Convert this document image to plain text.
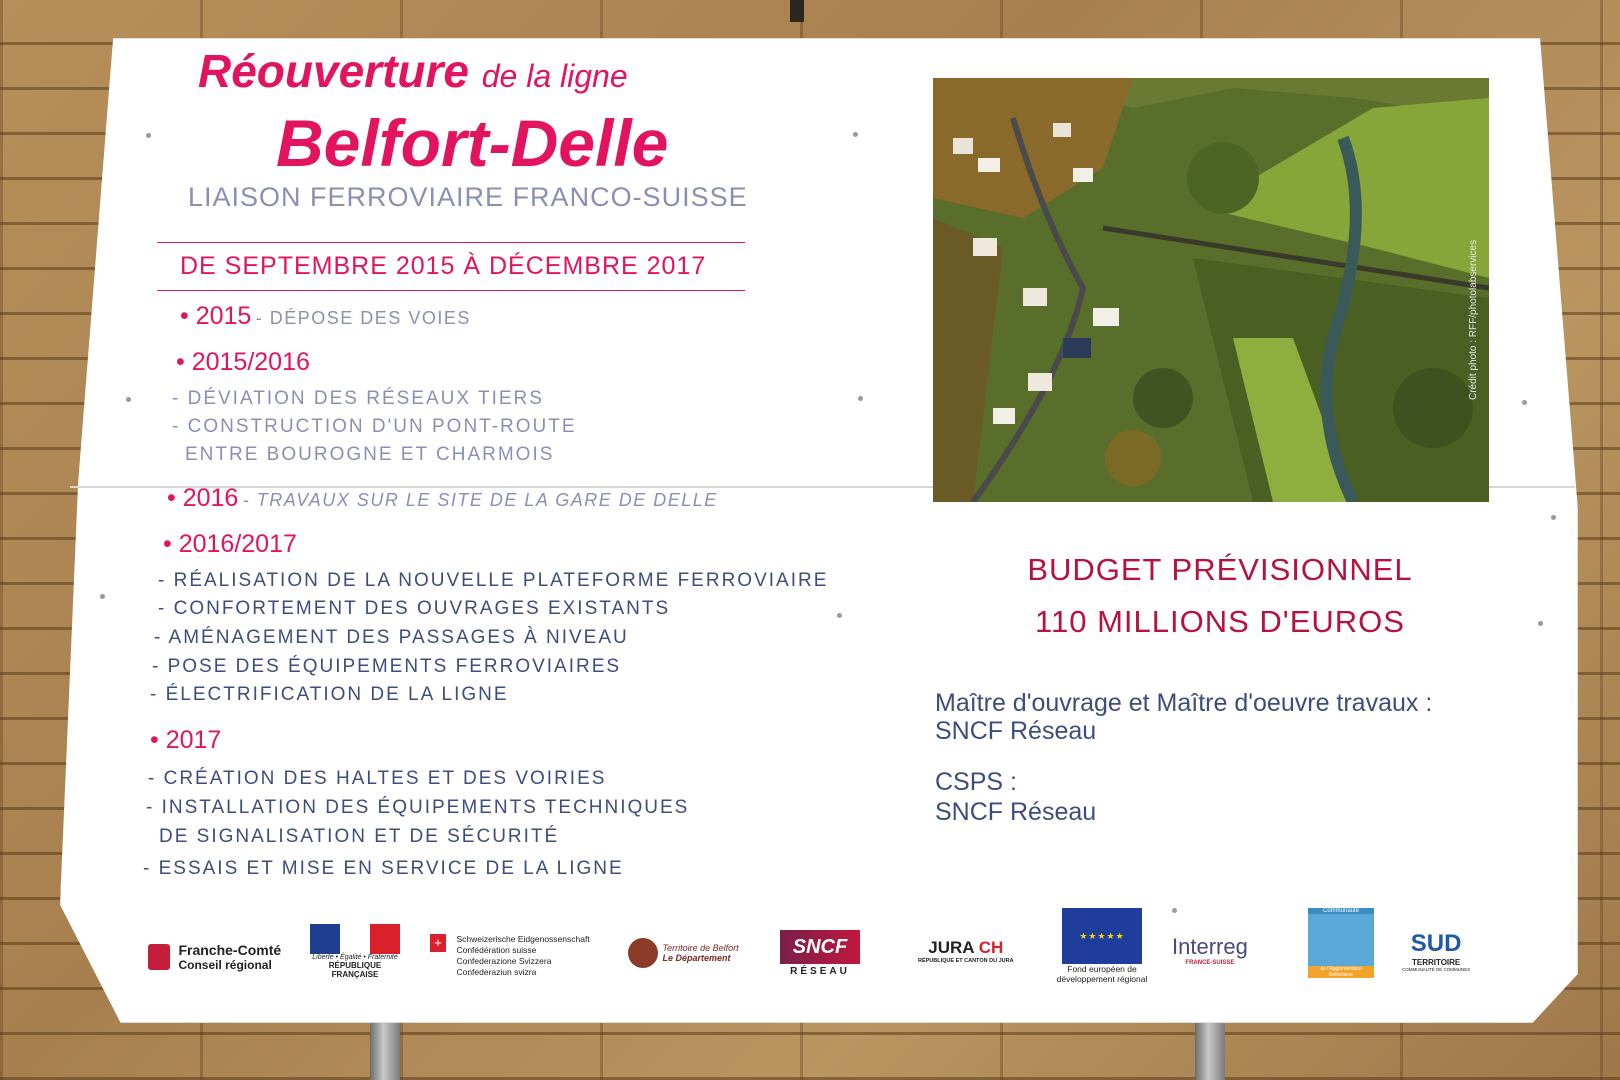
Réouverture de la ligne
Belfort-Delle
LIAISON FERROVIAIRE FRANCO-SUISSE
DE SEPTEMBRE 2015 À DÉCEMBRE 2017
• 2015 - DÉPOSE DES VOIES
• 2015/2016
- DÉVIATION DES RÉSEAUX TIERS
- CONSTRUCTION D'UN PONT-ROUTE
ENTRE BOUROGNE ET CHARMOIS
• 2016 - TRAVAUX SUR LE SITE DE LA GARE DE DELLE
• 2016/2017
- RÉALISATION DE LA NOUVELLE PLATEFORME FERROVIAIRE
- CONFORTEMENT DES OUVRAGES EXISTANTS
- AMÉNAGEMENT DES PASSAGES À NIVEAU
- POSE DES ÉQUIPEMENTS FERROVIAIRES
- ÉLECTRIFICATION DE LA LIGNE
• 2017
- CRÉATION DES HALTES ET DES VOIRIES
- INSTALLATION DES ÉQUIPEMENTS TECHNIQUES
DE SIGNALISATION ET DE SÉCURITÉ
- ESSAIS ET MISE EN SERVICE DE LA LIGNE
Crédit photo : RFF/photolabservices
BUDGET PRÉVISIONNEL
110 MILLIONS D'EUROS
Maître d'ouvrage et Maître d'oeuvre travaux :
SNCF Réseau
CSPS :
SNCF Réseau

Franche-Comté
Conseil régional
Liberté • Égalité • Fraternité
RÉPUBLIQUE FRANÇAISE
+ Schweizerische Eidgenossenschaft
Confédération suisse
Confederazione Svizzera
Confederaziun svizra

Territoire de Belfort
Le Département	SNCF
RÉSEAU
JURA CH
RÉPUBLIQUE ET CANTON DU JURA
★★★★★
Fond européen de
développement régional
Interreg
FRANCE-SUISSE
Communauté
de l'Agglomération Belfortaine
SUD
TERRITOIRE
COMMUNAUTÉ DE COMMUNES
